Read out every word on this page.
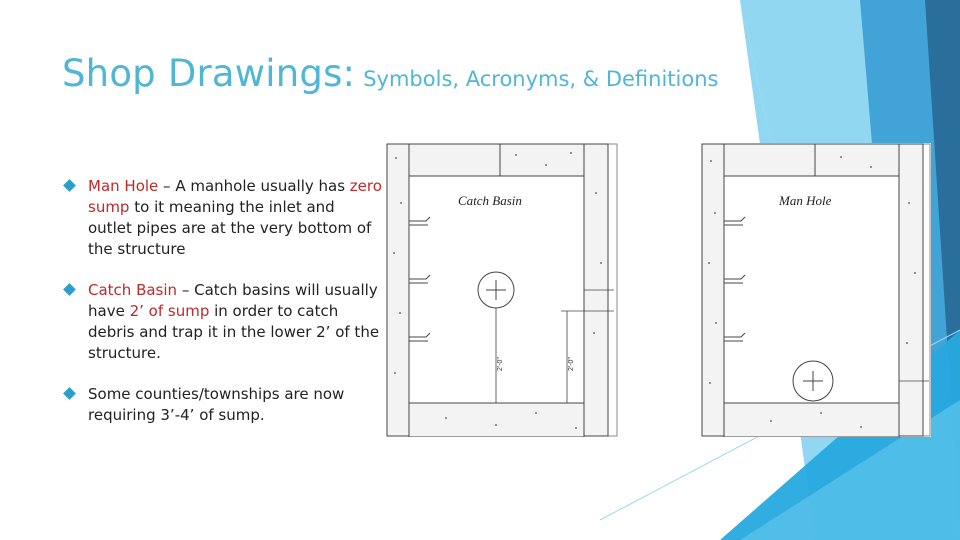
Shop Drawings: Symbols, Acronyms, & Definitions
Man Hole – A manhole usually has zero sump to it meaning the inlet and outlet pipes are at the very bottom of the structure
Catch Basin – Catch basins will usually have 2’ of sump in order to catch debris and trap it in the lower 2’ of the structure.
Some counties/townships are now requiring 3’-4’ of sump.
Catch Basin
2'-0"	2'-0"
Man Hole
